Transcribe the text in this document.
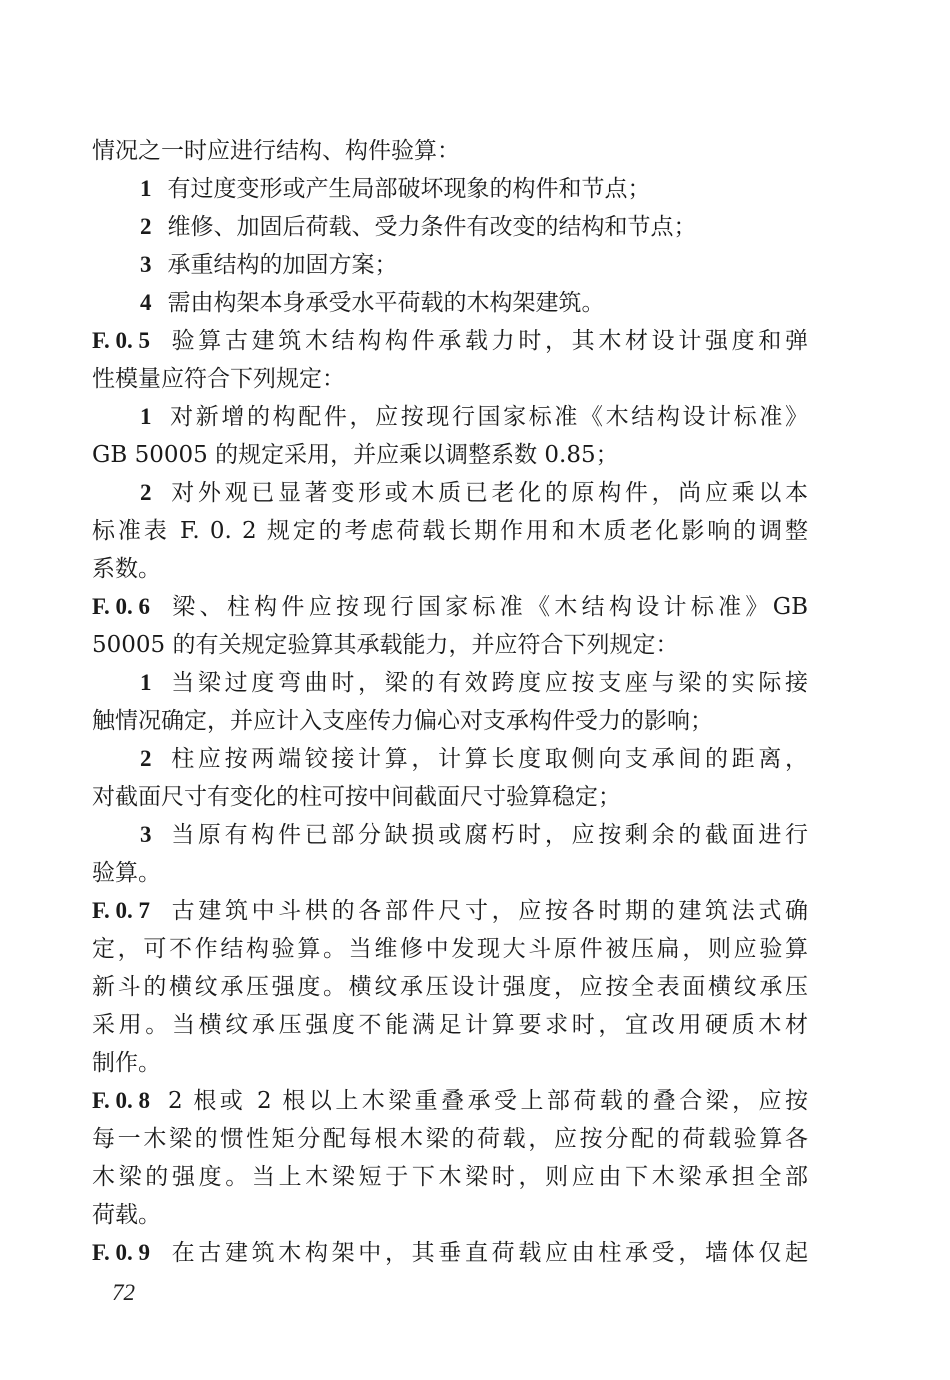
情况之一时应进行结构、构件验算：
1 有过度变形或产生局部破坏现象的构件和节点；
2 维修、加固后荷载、受力条件有改变的结构和节点；
3 承重结构的加固方案；
4 需由构架本身承受水平荷载的木构架建筑。
F. 0. 5 验算古建筑木结构构件承载力时，其木材设计强度和弹
性模量应符合下列规定：
1 对新增的构配件，应按现行国家标准《木结构设计标准》
GB 50005 的规定采用，并应乘以调整系数 0.85；
2 对外观已显著变形或木质已老化的原构件，尚应乘以本
标准表 F. 0. 2 规定的考虑荷载长期作用和木质老化影响的调整
系数。
F. 0. 6 梁、柱构件应按现行国家标准《木结构设计标准》GB
50005 的有关规定验算其承载能力，并应符合下列规定：
1 当梁过度弯曲时，梁的有效跨度应按支座与梁的实际接
触情况确定，并应计入支座传力偏心对支承构件受力的影响；
2 柱应按两端铰接计算，计算长度取侧向支承间的距离，
对截面尺寸有变化的柱可按中间截面尺寸验算稳定；
3 当原有构件已部分缺损或腐朽时，应按剩余的截面进行
验算。
F. 0. 7 古建筑中斗栱的各部件尺寸，应按各时期的建筑法式确
定，可不作结构验算。当维修中发现大斗原件被压扁，则应验算
新斗的横纹承压强度。横纹承压设计强度，应按全表面横纹承压
采用。当横纹承压强度不能满足计算要求时，宜改用硬质木材
制作。
F. 0. 8 2 根或 2 根以上木梁重叠承受上部荷载的叠合梁，应按
每一木梁的惯性矩分配每根木梁的荷载，应按分配的荷载验算各
木梁的强度。当上木梁短于下木梁时，则应由下木梁承担全部
荷载。
F. 0. 9 在古建筑木构架中，其垂直荷载应由柱承受，墙体仅起
72
